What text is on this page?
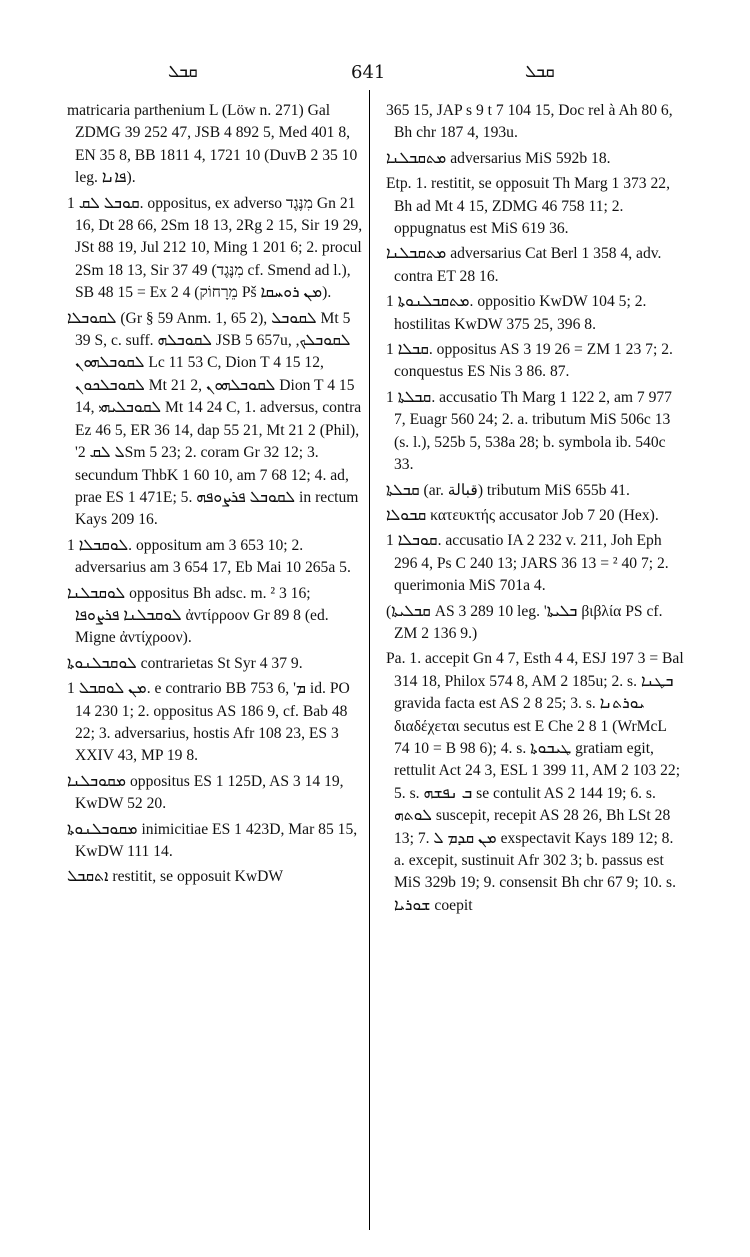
ܩܒܠ	641	ܩܒܠ

matricaria parthenium L (Löw n. 271) Gal ZDMG 39 252 47, JSB 4 892 5, Med 401 8, EN 35 8, BB 1811 4, 1721 10 (DuvB 2 35 10 leg. ܦܐܢܐ).

ܩܘܒܠ ܠܩ 1. oppositus, ex adverso מִנֶּגֶד Gn 21 16, Dt 28 66, 2Sm 18 13, 2Rg 2 15, Sir 19 29, JSt 88 19, Jul 212 10, Ming 1 201 6; 2. procul 2Sm 18 13, Sir 37 49 (מִנֶּגֶד cf. Smend ad l.), SB 48 15 = Ex 2 4 (מֵרָחוֹק Pš ܡܢ ܪܘܚܩܐ).

ܠܩܘܒܠܐ (Gr § 59 Anm. 1, 65 2), ܠܩܘܒܠ Mt 5 39 S, c. suff. ܠܩܘܒܠܗ JSB 5 657u, ܠܩܘܒܠܟ, ܠܩܘܒܠܗܘܢ Lc 11 53 C, Dion T 4 15 12, ܠܩܘܒܠܟܘܢ Mt 21 2, ܠܩܘܒܠܗܘܢ Dion T 4 15 14, ܠܩܘܒܠܝܗܝ Mt 14 24 C, 1. adversus, contra Ez 46 5, ER 36 14, dap 55 21, Mt 21 2 (Phil), 'ܠ ܠܩ 2Sm 5 23; 2. coram Gr 32 12; 3. secundum ThbK 1 60 10, am 7 68 12; 4. ad, prae ES 1 471E; 5. ܠܩܘܒܠ ܦܪܨܘܦܗ in rectum Kays 209 16.

ܠܘܩܒܠܐ 1. oppositum am 3 653 10; 2. adversarius am 3 654 17, Eb Mai 10 265a 5.

ܠܘܩܒܠܢܐ oppositus Bh adsc. m. ² 3 16; ܠܘܩܒܠܢܐ ܦܪܨܘܦܐ ἀντίρροον Gr 89 8 (ed. Migne ἀντίχροον).

ܠܘܩܒܠܢܘܬܐ contrarietas St Syr 4 37 9.

ܡܢ ܠܘܩܒܠ 1. e contrario BB 753 6, 'ܡ id. PO 14 230 1; 2. oppositus AS 186 9, cf. Bab 48 22; 3. adversarius, hostis Afr 108 23, ES 3 XXIV 43, MP 19 8.

ܡܩܘܒܠܢܐ oppositus ES 1 125D, AS 3 14 19, KwDW 52 20.

ܡܩܘܒܠܢܘܬܐ inimicitiae ES 1 423D, Mar 85 15, KwDW 111 14.

ܐܬܩܒܠ restitit, se opposuit KwDW

365 15, JAP s 9 t 7 104 15, Doc rel à Ah 80 6, Bh chr 187 4, 193u.

ܡܬܩܒܠܢܐ adversarius MiS 592b 18.

Etp. 1. restitit, se opposuit Th Marg 1 373 22, Bh ad Mt 4 15, ZDMG 46 758 11; 2. oppugnatus est MiS 619 36.

ܡܬܩܒܠܢܐ adversarius Cat Berl 1 358 4, adv. contra ET 28 16.

ܡܬܩܒܠܢܘܬܐ 1. oppositio KwDW 104 5; 2. hostilitas KwDW 375 25, 396 8.

ܩܒܠܐ 1. oppositus AS 3 19 26 = ZM 1 23 7; 2. conquestus ES Nis 3 86. 87.

ܩܒܠܬܐ 1. accusatio Th Marg 1 122 2, am 7 977 7, Euagr 560 24; 2. a. tributum MiS 506c 13 (s. l.), 525b 5, 538a 28; b. symbola ib. 540c 33.

ܩܒܠܬܐ (ar. قبالة) tributum MiS 655b 41.

ܩܒܘܠܐ κατευκτής accusator Job 7 20 (Hex).

ܩܘܒܠܐ 1. accusatio IA 2 232 v. 211, Joh Eph 296 4, Ps C 240 13; JARS 36 13 = ² 40 7; 2. querimonia MiS 701a 4.

(ܩܒܠܝܬܐ AS 3 289 10 leg. 'ܒܠܝܬܐ βιβλία PS cf. ZM 2 136 9.)

Pa. 1. accepit Gn 4 7, Esth 4 4, ESJ 197 3 = Bal 314 18, Philox 574 8, AM 2 185u; 2. s. ܒܛܢܐ gravida facta est AS 2 8 25; 3. s. ܝܘܪܬܢܐ διαδέχεται secutus est E Che 2 8 1 (WrMcL 74 10 = B 98 6); 4. s. ܛܝܒܘܬܐ gratiam egit, rettulit Act 24 3, ESL 1 399 11, AM 2 103 22; 5. s. ܒ ܢܦܫܗ se contulit AS 2 144 19; 6. s. ܠܘܬܗ suscepit, recepit AS 28 26, Bh LSt 28 13; 7. ܡܢ ܩܕܡ ܠ exspectavit Kays 189 12; 8. a. excepit, sustinuit Afr 302 3; b. passus est MiS 329b 19; 9. consensit Bh chr 67 9; 10. s. ܫܘܪܝܐ coepit
